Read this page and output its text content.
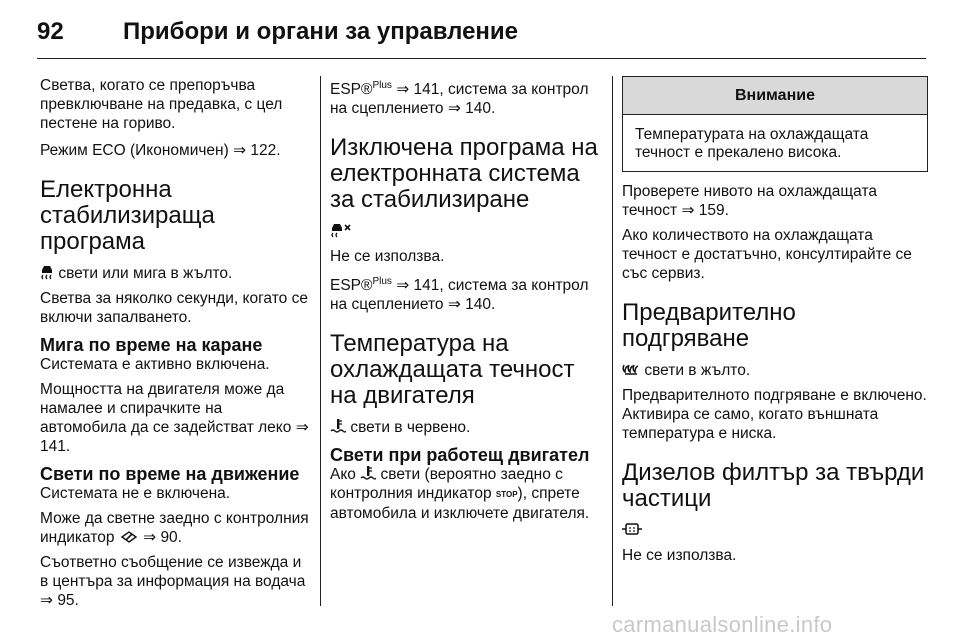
92 Прибори и органи за управление

Светва, когато се препоръчва превключване на предавка, с цел пестене на гориво.

Режим ECO (Икономичен) ⇒ 122.

Електронна стабилизираща програма

свети или мига в жълто.

Светва за няколко секунди, когато се включи запалването.

Мига по време на каране

Системата е активно включена.

Мощността на двигателя може да намалее и спирачките на автомобила да се задействат леко ⇒ 141.

Свети по време на движение

Системата не е включена.

Може да светне заедно с контролния индикатор ⇒ 90.

Съответно съобщение се извежда и в центъра за информация на водача ⇒ 95.

ESP®$^{Plus}$ ⇒ 141, система за контрол на сцеплението ⇒ 140.

Изключена програма на електронната система за стабилизиране

Не се използва.

ESP®$^{Plus}$ ⇒ 141, система за контрол на сцеплението ⇒ 140.

Температура на охлаждащата течност на двигателя

свети в червено.

Свети при работещ двигател

Ако свети (вероятно заедно с контролния индикатор STOP), спрете автомобила и изключете двигателя.

Внимание
Температурата на охлаждащата течност е прекалено висока.

Проверете нивото на охлаждащата течност ⇒ 159.

Ако количеството на охлаждащата течност е достатъчно, консултирайте се със сервиз.

Предварително подгряване

свети в жълто.

Предварителното подгряване е включено. Активира се само, когато външната температура е ниска.

Дизелов филтър за твърди частици

Не се използва.

carmanualsonline.info
